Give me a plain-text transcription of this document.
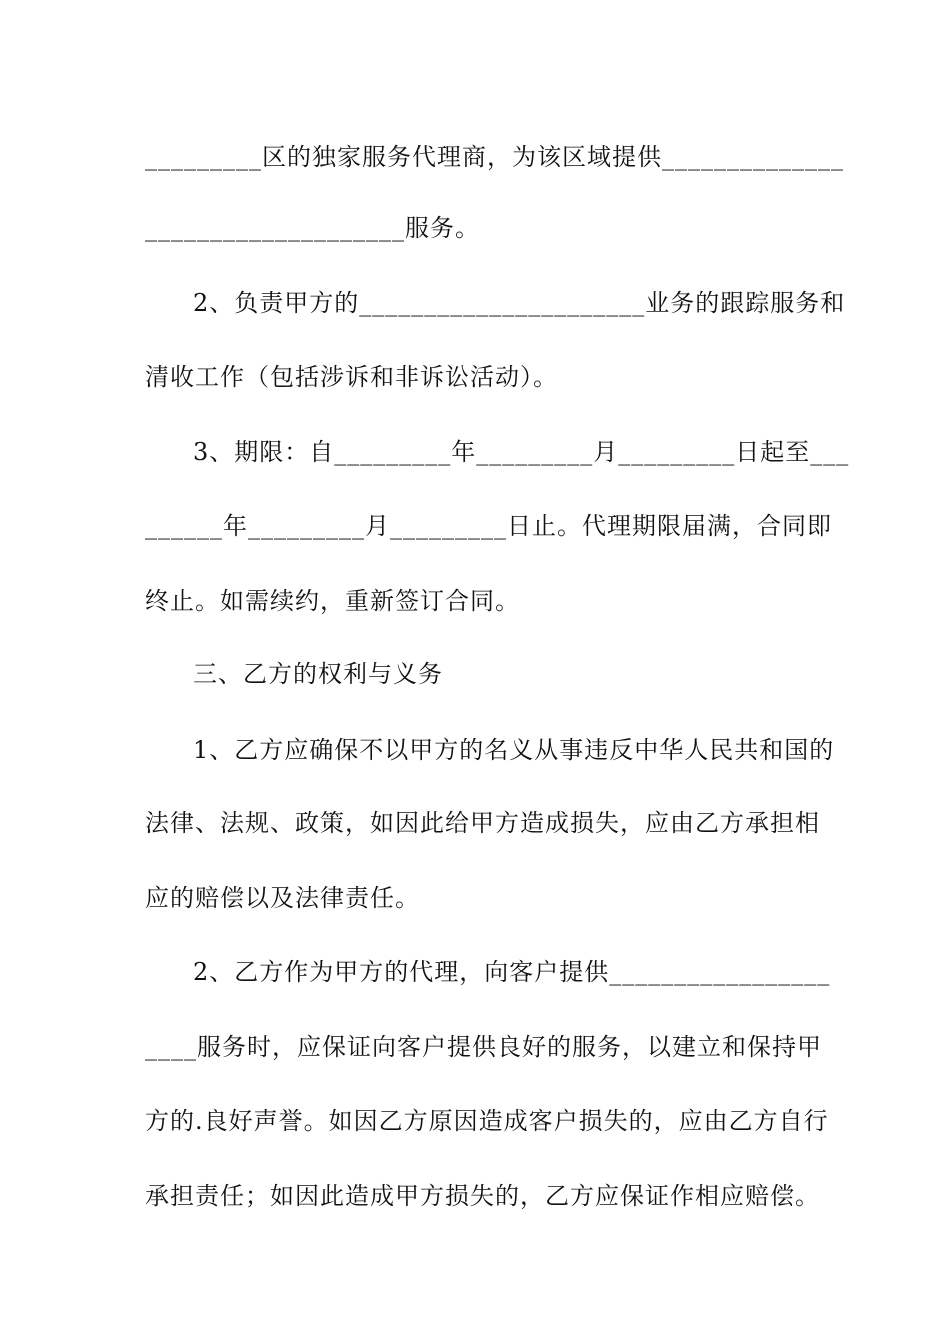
_________区的独家服务代理商，为该区域提供______________
____________________服务。
2、负责甲方的______________________业务的跟踪服务和
清收工作（包括涉诉和非诉讼活动）。
3、期限：自_________年_________月_________日起至___
______年_________月_________日止。代理期限届满，合同即
终止。如需续约，重新签订合同。
三、乙方的权利与义务
1、乙方应确保不以甲方的名义从事违反中华人民共和国的
法律、法规、政策，如因此给甲方造成损失，应由乙方承担相
应的赔偿以及法律责任。
2、乙方作为甲方的代理，向客户提供_________________
____服务时，应保证向客户提供良好的服务，以建立和保持甲
方的.良好声誉。如因乙方原因造成客户损失的，应由乙方自行
承担责任；如因此造成甲方损失的，乙方应保证作相应赔偿。
